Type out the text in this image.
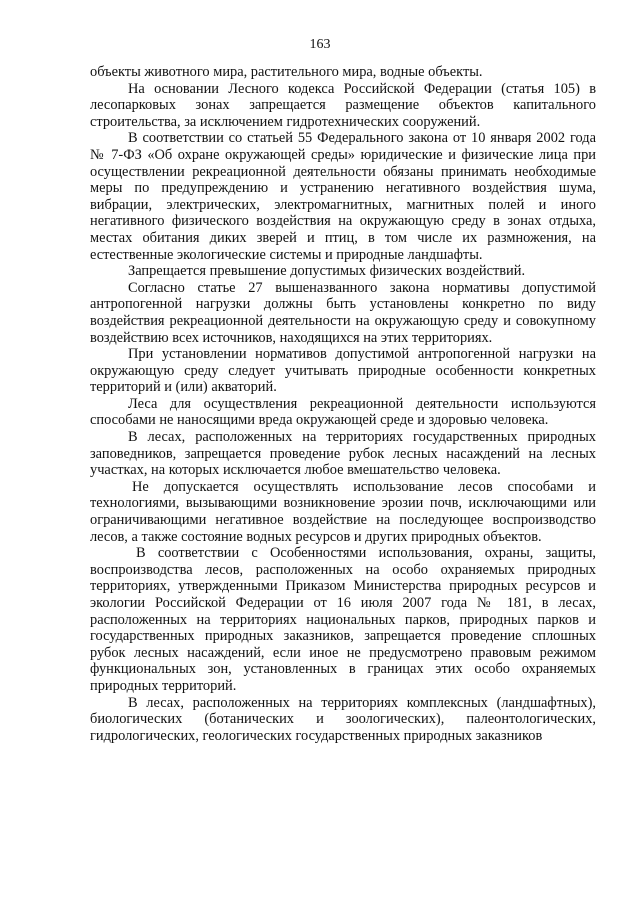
163

объекты животного мира, растительного мира, водные объекты.

На основании Лесного кодекса Российской Федерации (статья 105) в лесопарковых зонах запрещается размещение объектов капитального строительства, за исключением гидротехнических сооружений.

В соответствии со статьей 55 Федерального закона от 10 января 2002 года № 7-ФЗ «Об охране окружающей среды» юридические и физические лица при осуществлении рекреационной деятельности обязаны принимать необходимые меры по предупреждению и устранению негативного воздействия шума, вибрации, электрических, электромагнитных, магнитных полей и иного негативного физического воздействия на окружающую среду в зонах отдыха, местах обитания диких зверей и птиц, в том числе их размножения, на естественные экологические системы и природные ландшафты.

Запрещается превышение допустимых физических воздействий.

Согласно статье 27 вышеназванного закона нормативы допустимой антропогенной нагрузки должны быть установлены конкретно по виду воздействия рекреационной деятельности на окружающую среду и совокупному воздействию всех источников, находящихся на этих территориях.

При установлении нормативов допустимой антропогенной нагрузки на окружающую среду следует учитывать природные особенности конкретных территорий и (или) акваторий.

Леса для осуществления рекреационной деятельности используются способами не наносящими вреда окружающей среде и здоровью человека.

В лесах, расположенных на территориях государственных природных заповедников, запрещается проведение рубок лесных насаждений на лесных участках, на которых исключается любое вмешательство человека.

Не допускается осуществлять использование лесов способами и технологиями, вызывающими возникновение эрозии почв, исключающими или ограничивающими негативное воздействие на последующее воспроизводство лесов, а также состояние водных ресурсов и других природных объектов.

В соответствии с Особенностями использования, охраны, защиты, воспроизводства лесов, расположенных на особо охраняемых природных территориях, утвержденными Приказом Министерства природных ресурсов и экологии Российской Федерации от 16 июля 2007 года № 181, в лесах, расположенных на территориях национальных парков, природных парков и государственных природных заказников, запрещается проведение сплошных рубок лесных насаждений, если иное не предусмотрено правовым режимом функциональных зон, установленных в границах этих особо охраняемых природных территорий.

В лесах, расположенных на территориях комплексных (ландшафтных), биологических (ботанических и зоологических), палеонтологических, гидрологических, геологических государственных природных заказников
